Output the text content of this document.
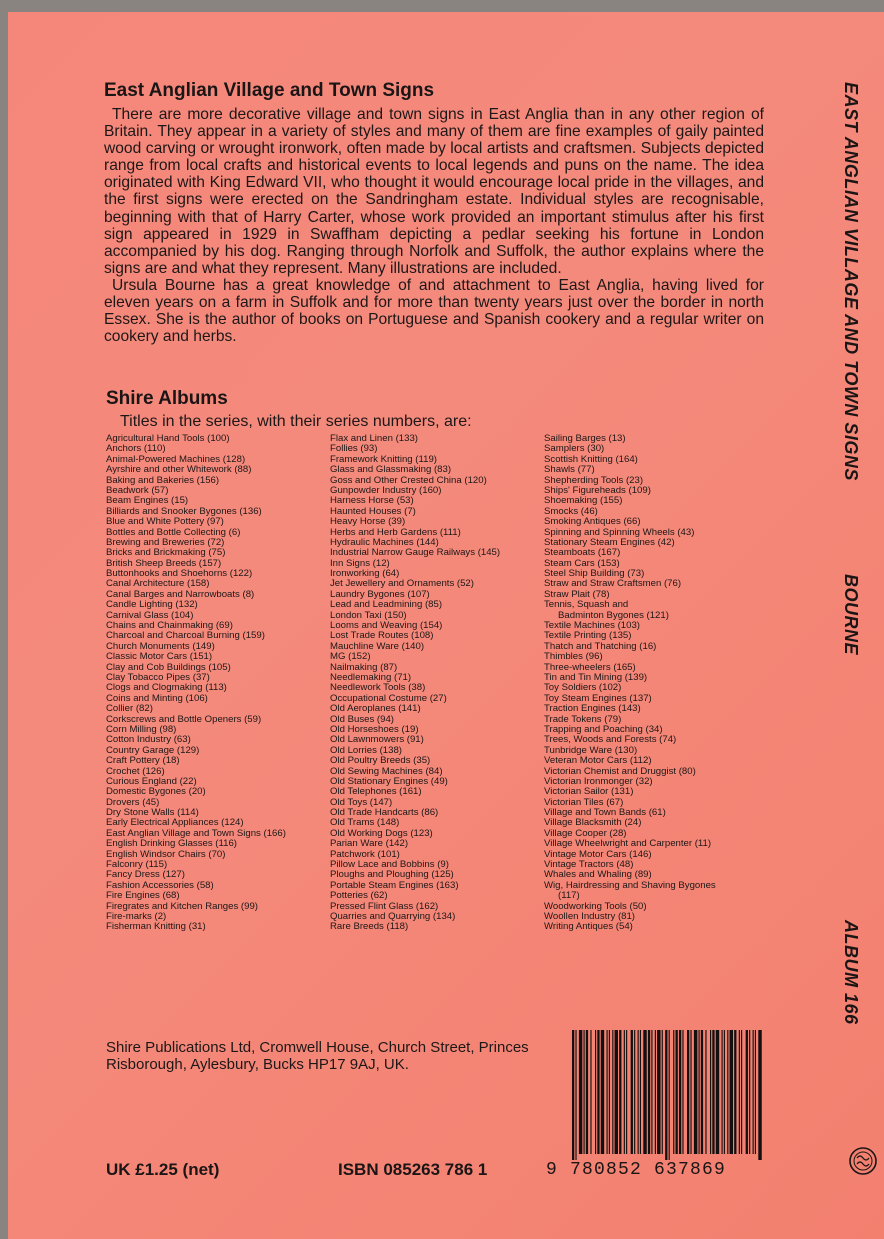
East Anglian Village and Town Signs

There are more decorative village and town signs in East Anglia than in any other region of Britain. They appear in a variety of styles and many of them are fine examples of gaily painted wood carving or wrought ironwork, often made by local artists and craftsmen. Subjects depicted range from local crafts and historical events to local legends and puns on the name. The idea originated with King Edward VII, who thought it would encourage local pride in the villages, and the first signs were erected on the Sandringham estate. Individual styles are recognisable, beginning with that of Harry Carter, whose work provided an important stimulus after his first sign appeared in 1929 in Swaffham depicting a pedlar seeking his fortune in London accompanied by his dog. Ranging through Norfolk and Suffolk, the author explains where the signs are and what they represent. Many illustrations are included.

Ursula Bourne has a great knowledge of and attachment to East Anglia, having lived for eleven years on a farm in Suffolk and for more than twenty years just over the border in north Essex. She is the author of books on Portuguese and Spanish cookery and a regular writer on cookery and herbs.

Shire Albums
Titles in the series, with their series numbers, are:
Agricultural Hand Tools (100)
Anchors (110)
Animal-Powered Machines (128)
Ayrshire and other Whitework (88)
Baking and Bakeries (156)
Beadwork (57)
Beam Engines (15)
Billiards and Snooker Bygones (136)
Blue and White Pottery (97)
Bottles and Bottle Collecting (6)
Brewing and Breweries (72)
Bricks and Brickmaking (75)
British Sheep Breeds (157)
Buttonhooks and Shoehorns (122)
Canal Architecture (158)
Canal Barges and Narrowboats (8)
Candle Lighting (132)
Carnival Glass (104)
Chains and Chainmaking (69)
Charcoal and Charcoal Burning (159)
Church Monuments (149)
Classic Motor Cars (151)
Clay and Cob Buildings (105)
Clay Tobacco Pipes (37)
Clogs and Clogmaking (113)
Coins and Minting (106)
Collier (82)
Corkscrews and Bottle Openers (59)
Corn Milling (98)
Cotton Industry (63)
Country Garage (129)
Craft Pottery (18)
Crochet (126)
Curious England (22)
Domestic Bygones (20)
Drovers (45)
Dry Stone Walls (114)
Early Electrical Appliances (124)
East Anglian Village and Town Signs (166)
English Drinking Glasses (116)
English Windsor Chairs (70)
Falconry (115)
Fancy Dress (127)
Fashion Accessories (58)
Fire Engines (68)
Firegrates and Kitchen Ranges (99)
Fire-marks (2)
Fisherman Knitting (31)
Flax and Linen (133)
Follies (93)
Framework Knitting (119)
Glass and Glassmaking (83)
Goss and Other Crested China (120)
Gunpowder Industry (160)
Harness Horse (53)
Haunted Houses (7)
Heavy Horse (39)
Herbs and Herb Gardens (111)
Hydraulic Machines (144)
Industrial Narrow Gauge Railways (145)
Inn Signs (12)
Ironworking (64)
Jet Jewellery and Ornaments (52)
Laundry Bygones (107)
Lead and Leadmining (85)
London Taxi (150)
Looms and Weaving (154)
Lost Trade Routes (108)
Mauchline Ware (140)
MG (152)
Nailmaking (87)
Needlemaking (71)
Needlework Tools (38)
Occupational Costume (27)
Old Aeroplanes (141)
Old Buses (94)
Old Horseshoes (19)
Old Lawnmowers (91)
Old Lorries (138)
Old Poultry Breeds (35)
Old Sewing Machines (84)
Old Stationary Engines (49)
Old Telephones (161)
Old Toys (147)
Old Trade Handcarts (86)
Old Trams (148)
Old Working Dogs (123)
Parian Ware (142)
Patchwork (101)
Pillow Lace and Bobbins (9)
Ploughs and Ploughing (125)
Portable Steam Engines (163)
Potteries (62)
Pressed Flint Glass (162)
Quarries and Quarrying (134)
Rare Breeds (118)
Sailing Barges (13)
Samplers (30)
Scottish Knitting (164)
Shawls (77)
Shepherding Tools (23)
Ships' Figureheads (109)
Shoemaking (155)
Smocks (46)
Smoking Antiques (66)
Spinning and Spinning Wheels (43)
Stationary Steam Engines (42)
Steamboats (167)
Steam Cars (153)
Steel Ship Building (73)
Straw and Straw Craftsmen (76)
Straw Plait (78)
Tennis, Squash and
Badminton Bygones (121)
Textile Machines (103)
Textile Printing (135)
Thatch and Thatching (16)
Thimbles (96)
Three-wheelers (165)
Tin and Tin Mining (139)
Toy Soldiers (102)
Toy Steam Engines (137)
Traction Engines (143)
Trade Tokens (79)
Trapping and Poaching (34)
Trees, Woods and Forests (74)
Tunbridge Ware (130)
Veteran Motor Cars (112)
Victorian Chemist and Druggist (80)
Victorian Ironmonger (32)
Victorian Sailor (131)
Victorian Tiles (67)
Village and Town Bands (61)
Village Blacksmith (24)
Village Cooper (28)
Village Wheelwright and Carpenter (11)
Vintage Motor Cars (146)
Vintage Tractors (48)
Whales and Whaling (89)
Wig, Hairdressing and Shaving Bygones
(117)
Woodworking Tools (50)
Woollen Industry (81)
Writing Antiques (54)
Shire Publications Ltd, Cromwell House, Church Street, Princes Risborough, Aylesbury, Bucks HP17 9AJ, UK.
UK £1.25 (net)	ISBN 085263 786 1	9 780852 637869
EAST ANGLIAN VILLAGE AND TOWN SIGNS
BOURNE
ALBUM 166
